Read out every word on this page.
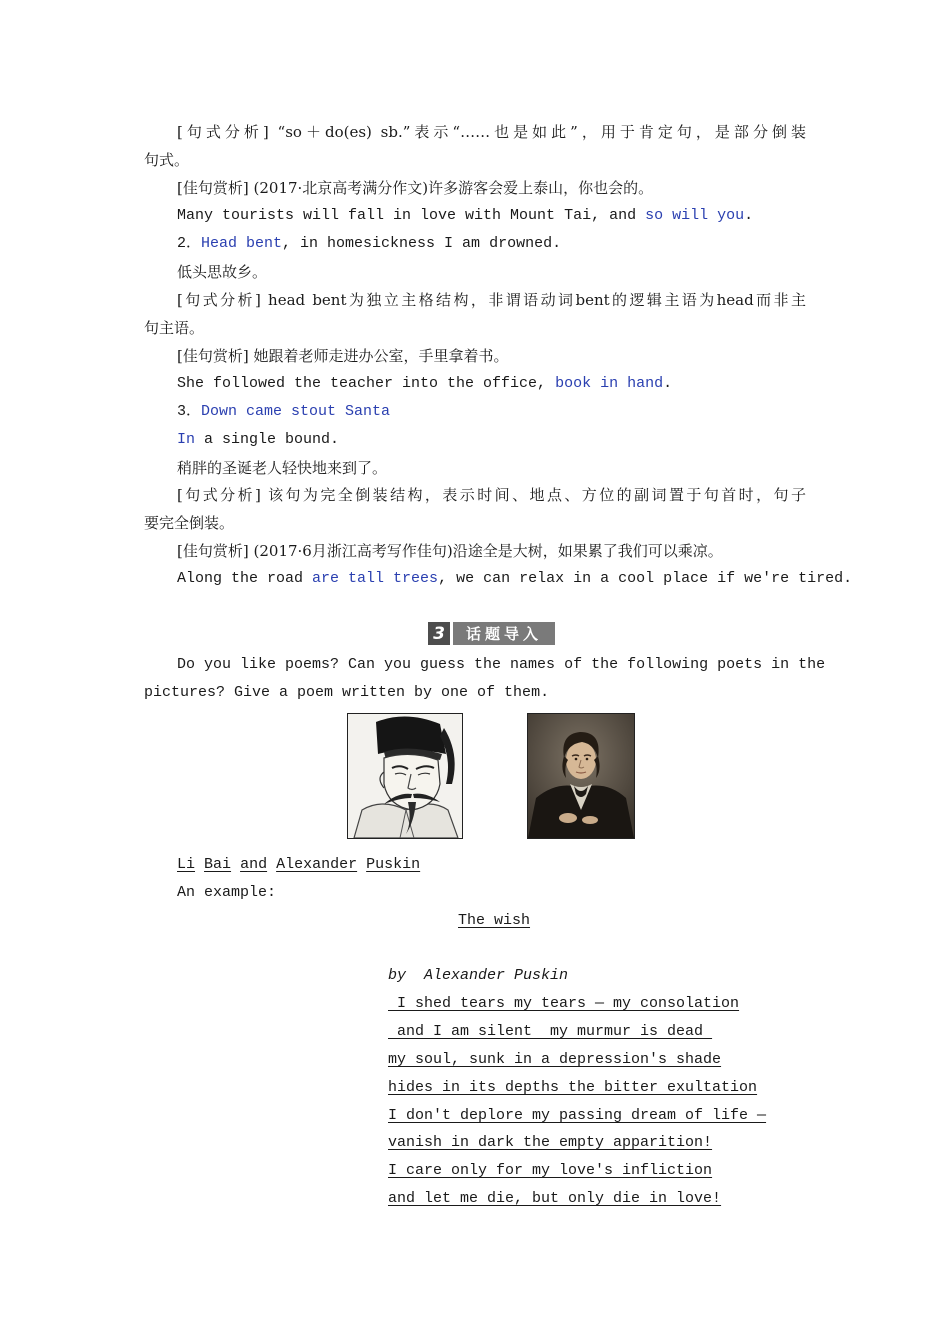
[句式分析] “so＋do(es) sb.”表示“……也是如此”，用于肯定句，是部分倒装
句式。
[佳句赏析] (2017·北京高考满分作文)许多游客会爱上泰山，你也会的。
Many tourists will fall in love with Mount Tai, and so will you.
2．Head bent, in homesickness I am drowned.
低头思故乡。
[句式分析] head bent为独立主格结构，非谓语动词bent的逻辑主语为head而非主
句主语。
[佳句赏析] 她跟着老师走进办公室，手里拿着书。
She followed the teacher into the office, book in hand.
3．Down came stout Santa
In a single bound.
稍胖的圣诞老人轻快地来到了。
[句式分析] 该句为完全倒装结构，表示时间、地点、方位的副词置于句首时，句子
要完全倒装。
[佳句赏析] (2017·6月浙江高考写作佳句)沿途全是大树，如果累了我们可以乘凉。
Along the road are tall trees, we can relax in a cool place if we're tired.
3	话题导入
Do you like poems? Can you guess the names of the following poets in the
pictures? Give a poem written by one of them.
Li Bai and Alexander Puskin
An example:
The wish
by  Alexander Puskin
I shed tears my tears — my consolation
and I am silent  my murmur is dead
my soul, sunk in a depression's shade
hides in its depths the bitter exultation
I don't deplore my passing dream of life —
vanish in dark the empty apparition!
I care only for my love's infliction
and let me die, but only die in love!
